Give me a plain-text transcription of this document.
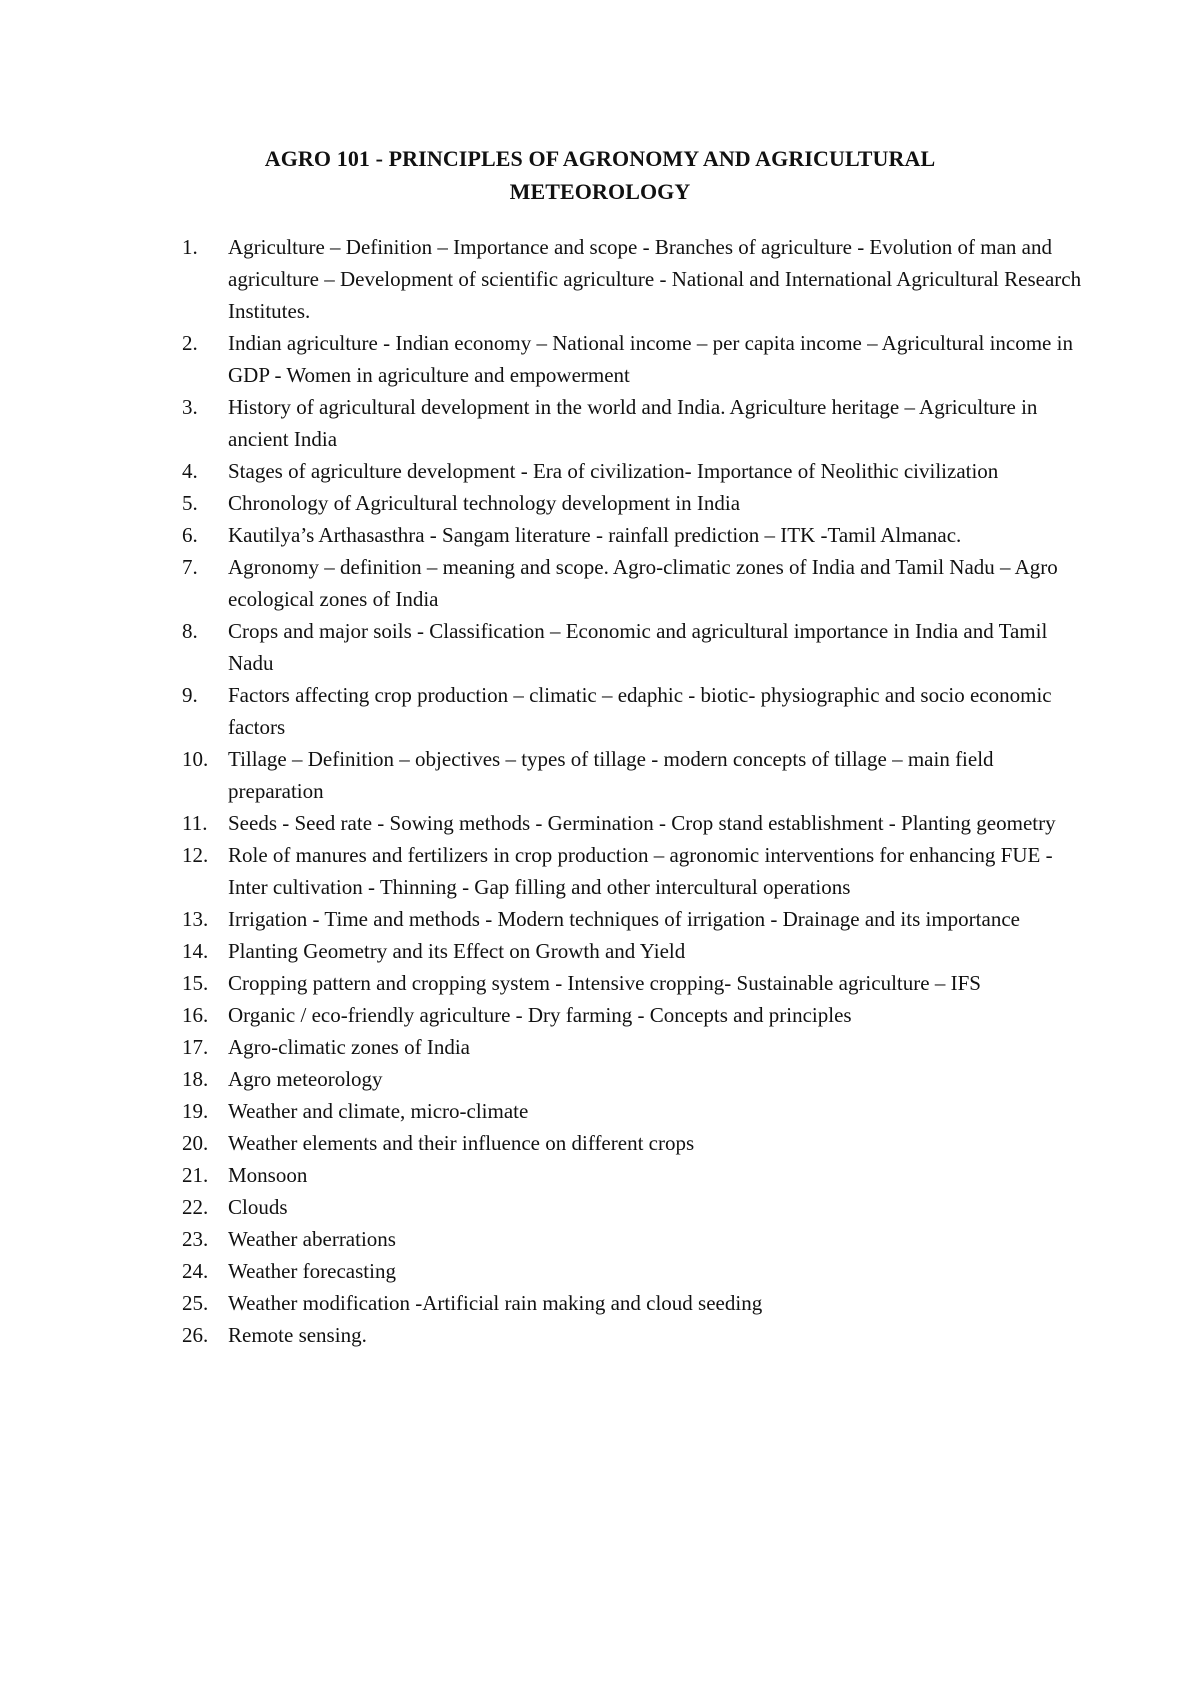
AGRO 101 - PRINCIPLES OF AGRONOMY AND AGRICULTURAL
METEOROLOGY
1.	Agriculture – Definition – Importance and scope - Branches of agriculture - Evolution of man and agriculture – Development of scientific agriculture - National and International Agricultural Research Institutes.
2.	Indian agriculture - Indian economy – National income – per capita income – Agricultural income in GDP - Women in agriculture and empowerment
3.	History of agricultural development in the world and India. Agriculture heritage – Agriculture in ancient India
4.	Stages of agriculture development - Era of civilization- Importance of Neolithic civilization
5.	Chronology of Agricultural technology development in India
6.	Kautilya’s Arthasasthra - Sangam literature - rainfall prediction – ITK -Tamil Almanac.
7.	Agronomy – definition – meaning and scope. Agro-climatic zones of India and Tamil Nadu – Agro ecological zones of India
8.	Crops and major soils - Classification – Economic and agricultural importance in India and Tamil Nadu
9.	Factors affecting crop production – climatic – edaphic - biotic- physiographic and socio economic factors
10. Tillage – Definition – objectives – types of tillage - modern concepts of tillage – main field preparation
11. Seeds - Seed rate - Sowing methods - Germination - Crop stand establishment - Planting geometry
12. Role of manures and fertilizers in crop production – agronomic interventions for enhancing FUE - Inter cultivation - Thinning - Gap filling and other intercultural operations
13. Irrigation - Time and methods - Modern techniques of irrigation - Drainage and its importance
14. Planting Geometry and its Effect on Growth and Yield
15. Cropping pattern and cropping system - Intensive cropping- Sustainable agriculture – IFS
16. Organic / eco-friendly agriculture - Dry farming - Concepts and principles
17. Agro-climatic zones of India
18. Agro meteorology
19. Weather and climate, micro-climate
20. Weather elements and their influence on different crops
21. Monsoon
22. Clouds
23. Weather aberrations
24. Weather forecasting
25. Weather modification -Artificial rain making and cloud seeding
26. Remote sensing.
